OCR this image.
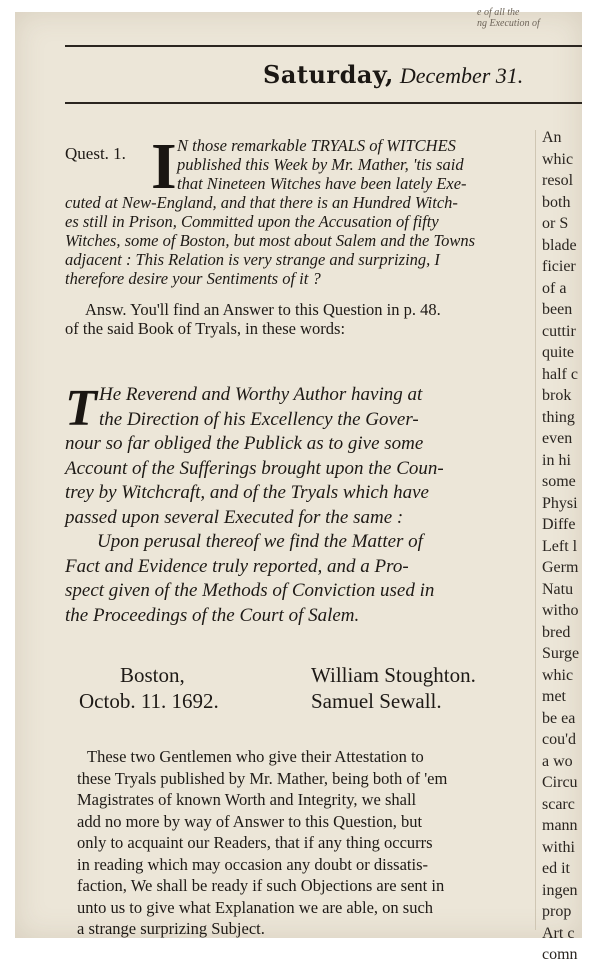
e of all the
ng Execution of
Saturday, December 31.
Quest. 1. I N those remarkable TRYALS of WITCHES
published this Week by Mr. Mather, 'tis said
that Nineteen Witches have been lately Exe-
cuted at New-England, and that there is an Hundred Witch-
es still in Prison, Committed upon the Accusation of fifty
Witches, some of Boston, but most about Salem and the Towns
adjacent : This Relation is very strange and surprizing, I
therefore desire your Sentiments of it ?
Answ. You'll find an Answer to this Question in p. 48.
of the said Book of Tryals, in these words:
T He Reverend and Worthy Author having at
the Direction of his Excellency the Gover-
nour so far obliged the Publick as to give some
Account of the Sufferings brought upon the Coun-
trey by Witchcraft, and of the Tryals which have
passed upon several Executed for the same :
Upon perusal thereof we find the Matter of
Fact and Evidence truly reported, and a Pro-
spect given of the Methods of Conviction used in
the Proceedings of the Court of Salem.
Boston,
Octob. 11. 1692.
William Stoughton.
Samuel Sewall.
These two Gentlemen who give their Attestation to
these Tryals published by Mr. Mather, being both of 'em
Magistrates of known Worth and Integrity, we shall
add no more by way of Answer to this Question, but
only to acquaint our Readers, that if any thing occurrs
in reading which may occasion any doubt or dissatis-
faction, We shall be ready if such Objections are sent in
unto us to give what Explanation we are able, on such
a strange surprizing Subject.
An
whic
resol
both
or S
blade
ficier
of a
been
cuttir
quite
half c
brok
thing
even
in hi
some
Physi
Diffe
Left l
Germ
Natu
witho
bred
Surge
whic
met
be ea
cou'd
a wo
Circu
scarc
mann
withi
ed it
ingen
prop
Art c
comn
